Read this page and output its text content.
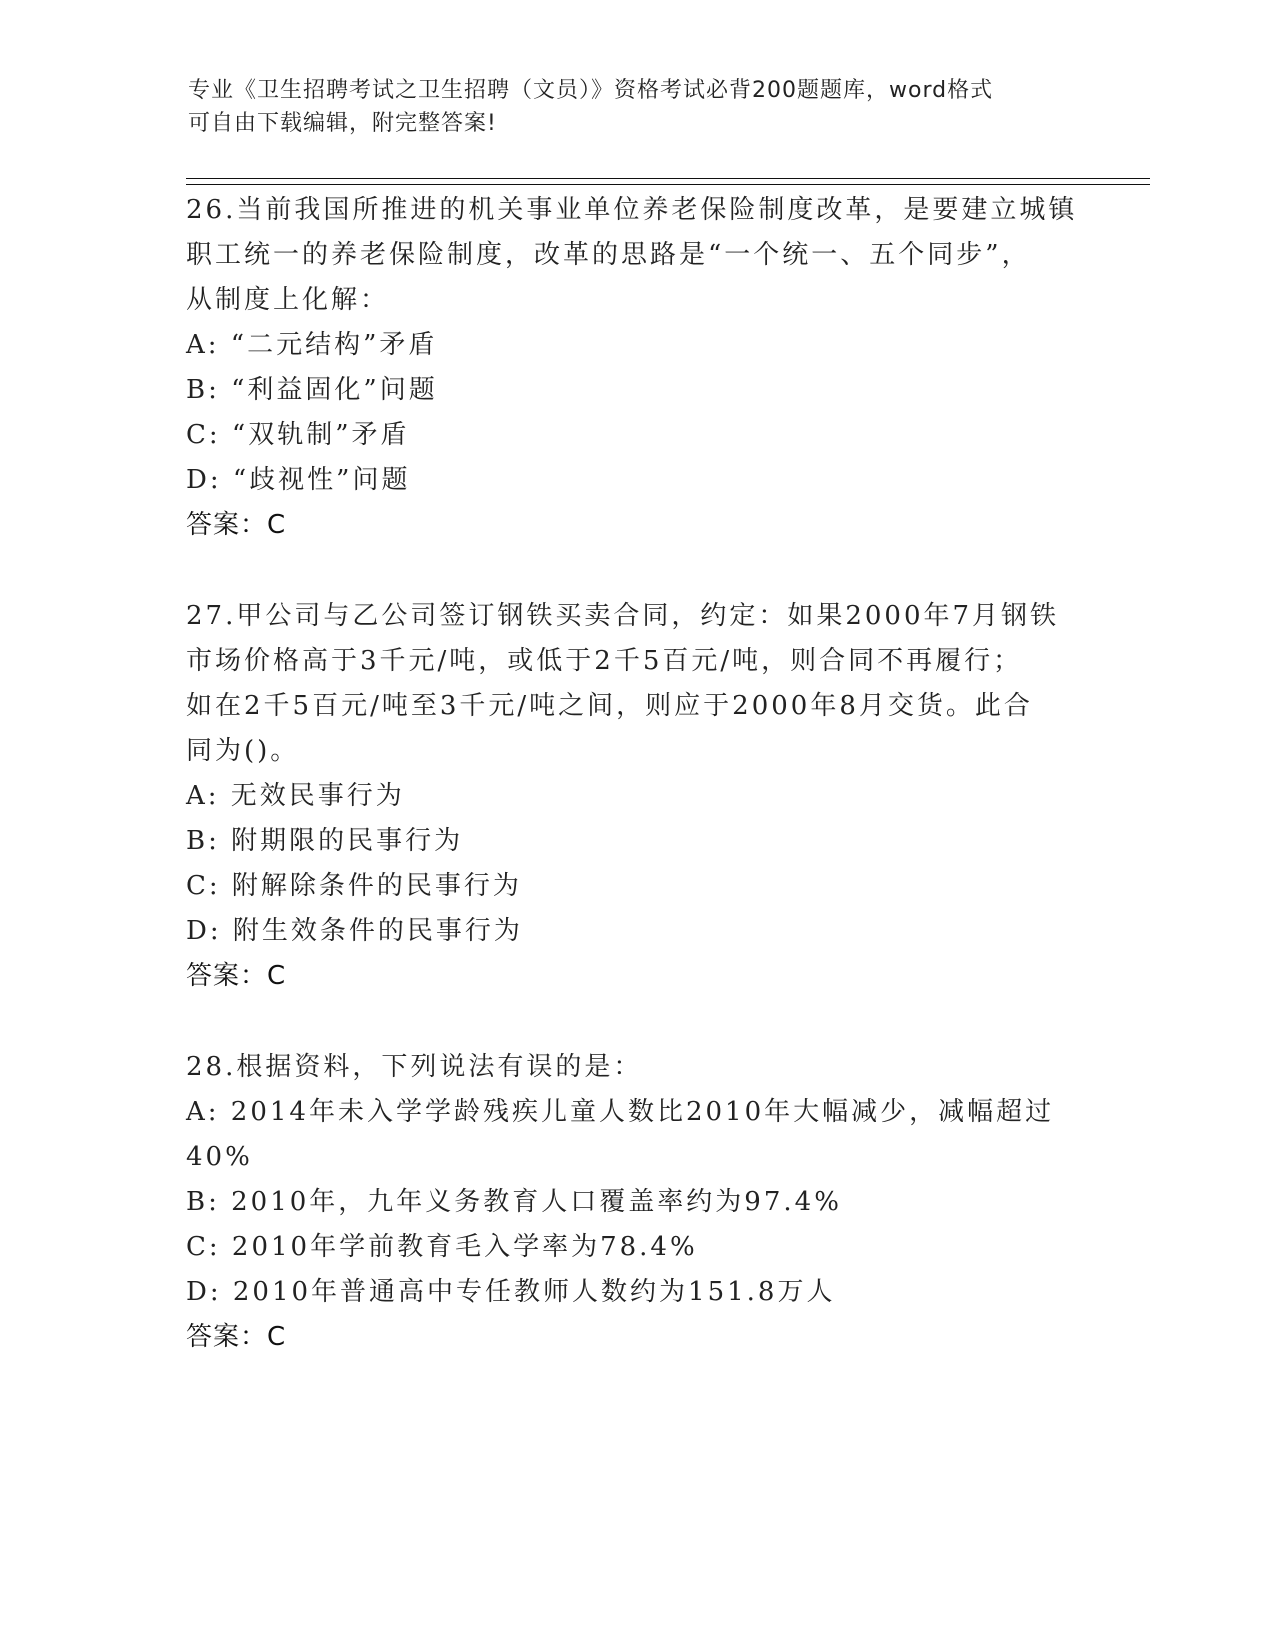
专业《卫生招聘考试之卫生招聘（文员）》资格考试必背200题题库，word格式
可自由下载编辑，附完整答案!
26.当前我国所推进的机关事业单位养老保险制度改革，是要建立城镇
职工统一的养老保险制度，改革的思路是“一个统一、五个同步”，
从制度上化解：
A: “二元结构”矛盾
B: “利益固化”问题
C: “双轨制”矛盾
D: “歧视性”问题
答案：C
27.甲公司与乙公司签订钢铁买卖合同，约定：如果2000年7月钢铁
市场价格高于3千元/吨，或低于2千5百元/吨，则合同不再履行；
如在2千5百元/吨至3千元/吨之间，则应于2000年8月交货。此合
同为()。
A: 无效民事行为
B: 附期限的民事行为
C: 附解除条件的民事行为
D: 附生效条件的民事行为
答案：C
28.根据资料，下列说法有误的是：
A: 2014年未入学学龄残疾儿童人数比2010年大幅减少，减幅超过
40%
B: 2010年，九年义务教育人口覆盖率约为97.4%
C: 2010年学前教育毛入学率为78.4%
D: 2010年普通高中专任教师人数约为151.8万人
答案：C
